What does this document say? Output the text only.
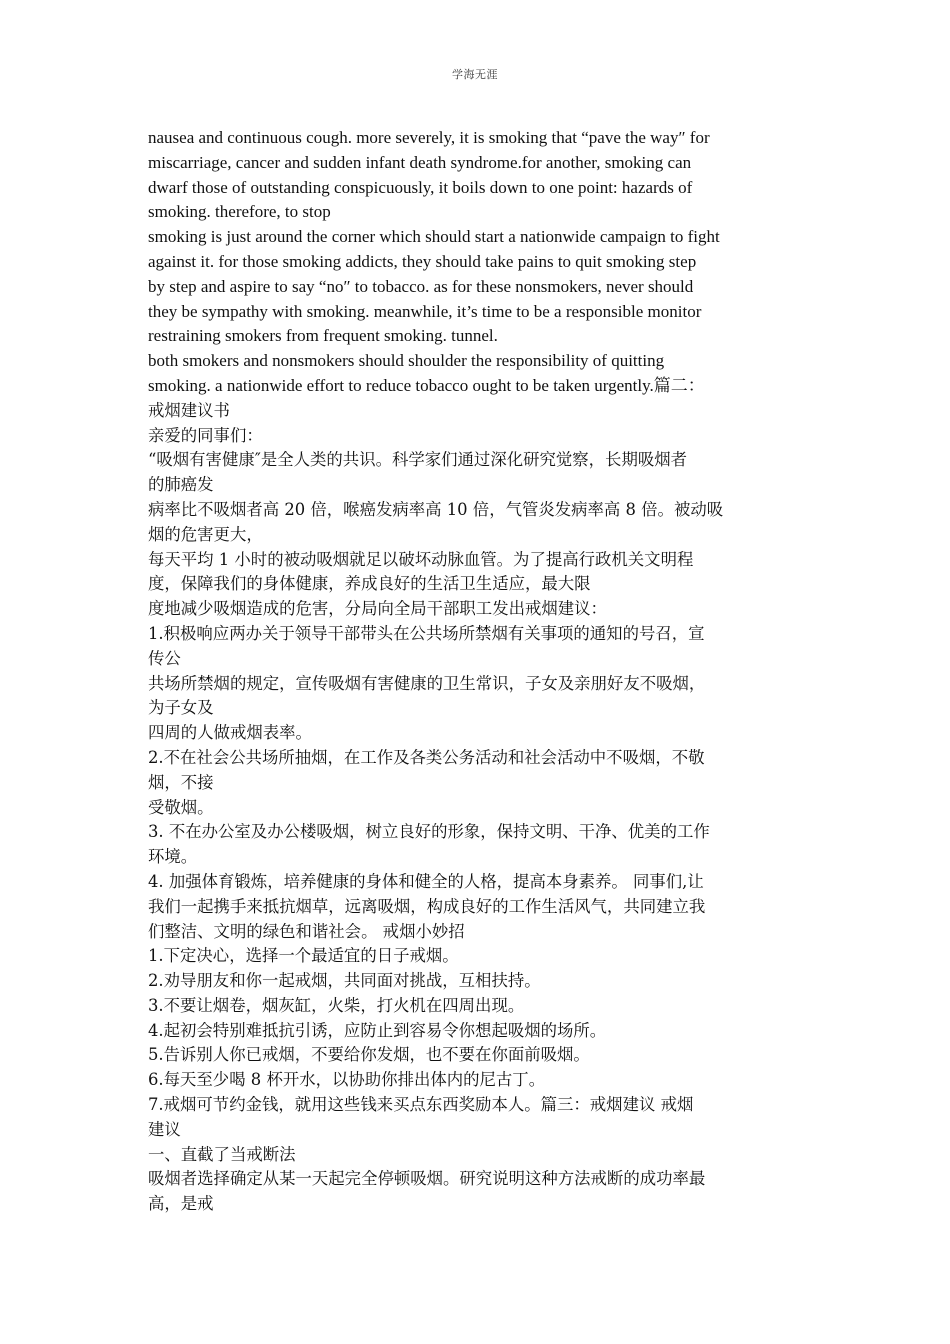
学海无涯
nausea and continuous cough. more severely, it is smoking that “pave the way″ for
miscarriage, cancer and sudden infant death syndrome.for another, smoking can
dwarf those of outstanding conspicuously, it boils down to one point: hazards of
smoking. therefore, to stop
smoking is just around the corner which should start a nationwide campaign to fight
against it. for those smoking addicts, they should take pains to quit smoking step
by step and aspire to say “no″ to tobacco. as for these nonsmokers, never should
they be sympathy with smoking. meanwhile, it’s time to be a responsible monitor
restraining smokers from frequent smoking. tunnel.
both smokers and nonsmokers should shoulder the responsibility of quitting
smoking. a nationwide effort to reduce tobacco ought to be taken urgently.篇二：
戒烟建议书
亲爱的同事们：
“吸烟有害健康″是全人类的共识。科学家们通过深化研究觉察，长期吸烟者
的肺癌发
病率比不吸烟者高 20 倍，喉癌发病率高 10 倍，气管炎发病率高 8 倍。被动吸
烟的危害更大，
每天平均 1 小时的被动吸烟就足以破坏动脉血管。为了提高行政机关文明程
度，保障我们的身体健康，养成良好的生活卫生适应，最大限
度地减少吸烟造成的危害，分局向全局干部职工发出戒烟建议：
1.积极响应两办关于领导干部带头在公共场所禁烟有关事项的通知的号召，宣
传公
共场所禁烟的规定，宣传吸烟有害健康的卫生常识，子女及亲朋好友不吸烟，
为子女及
四周的人做戒烟表率。
2.不在社会公共场所抽烟，在工作及各类公务活动和社会活动中不吸烟，不敬
烟，不接
受敬烟。
3. 不在办公室及办公楼吸烟，树立良好的形象，保持文明、干净、优美的工作
环境。
4. 加强体育锻炼，培养健康的身体和健全的人格，提高本身素养。 同事们,让
我们一起携手来抵抗烟草，远离吸烟，构成良好的工作生活风气，共同建立我
们整洁、文明的绿色和谐社会。 戒烟小妙招
1.下定决心，选择一个最适宜的日子戒烟。
2.劝导朋友和你一起戒烟，共同面对挑战，互相扶持。
3.不要让烟卷，烟灰缸，火柴，打火机在四周出现。
4.起初会特别难抵抗引诱，应防止到容易令你想起吸烟的场所。
5.告诉别人你已戒烟，不要给你发烟，也不要在你面前吸烟。
6.每天至少喝 8 杯开水，以协助你排出体内的尼古丁。
7.戒烟可节约金钱，就用这些钱来买点东西奖励本人。篇三：戒烟建议 戒烟
建议
一、直截了当戒断法
吸烟者选择确定从某一天起完全停顿吸烟。研究说明这种方法戒断的成功率最
高，是戒
